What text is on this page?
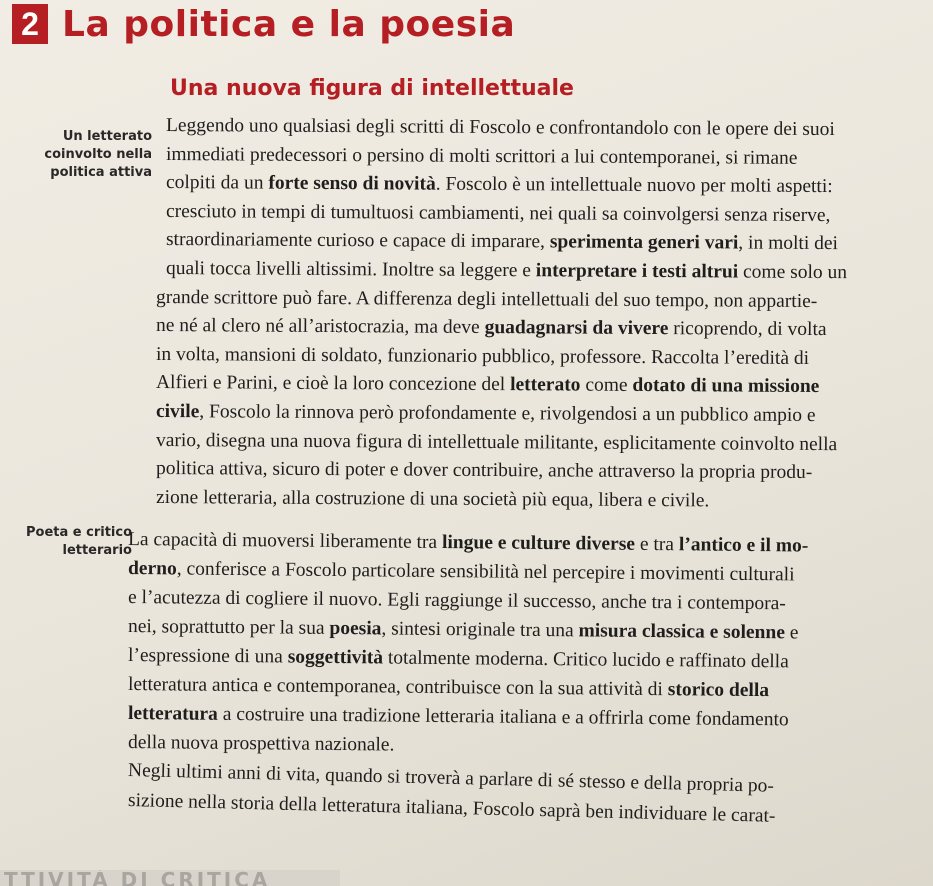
2 La politica e la poesia
Una nuova figura di intellettuale
Un letterato coinvolto nella politica attiva
Poeta e critico letterario
Leggendo uno qualsiasi degli scritti di Foscolo e confrontandolo con le opere dei suoi
immediati predecessori o persino di molti scrittori a lui contemporanei, si rimane
colpiti da un forte senso di novità. Foscolo è un intellettuale nuovo per molti aspetti:
cresciuto in tempi di tumultuosi cambiamenti, nei quali sa coinvolgersi senza riserve,
straordinariamente curioso e capace di imparare, sperimenta generi vari, in molti dei
quali tocca livelli altissimi. Inoltre sa leggere e interpretare i testi altrui come solo un
grande scrittore può fare. A differenza degli intellettuali del suo tempo, non appartie-
ne né al clero né all’aristocrazia, ma deve guadagnarsi da vivere ricoprendo, di volta
in volta, mansioni di soldato, funzionario pubblico, professore. Raccolta l’eredità di
Alfieri e Parini, e cioè la loro concezione del letterato come dotato di una missione
civile, Foscolo la rinnova però profondamente e, rivolgendosi a un pubblico ampio e
vario, disegna una nuova figura di intellettuale militante, esplicitamente coinvolto nella
politica attiva, sicuro di poter e dover contribuire, anche attraverso la propria produ-
zione letteraria, alla costruzione di una società più equa, libera e civile.
La capacità di muoversi liberamente tra lingue e culture diverse e tra l’antico e il mo-
derno, conferisce a Foscolo particolare sensibilità nel percepire i movimenti culturali
e l’acutezza di cogliere il nuovo. Egli raggiunge il successo, anche tra i contempora-
nei, soprattutto per la sua poesia, sintesi originale tra una misura classica e solenne e
l’espressione di una soggettività totalmente moderna. Critico lucido e raffinato della
letteratura antica e contemporanea, contribuisce con la sua attività di storico della
letteratura a costruire una tradizione letteraria italiana e a offrirla come fondamento
della nuova prospettiva nazionale.
Negli ultimi anni di vita, quando si troverà a parlare di sé stesso e della propria po-
sizione nella storia della letteratura italiana, Foscolo saprà ben individuare le carat-
TTIVITÀ DI CRITICA
